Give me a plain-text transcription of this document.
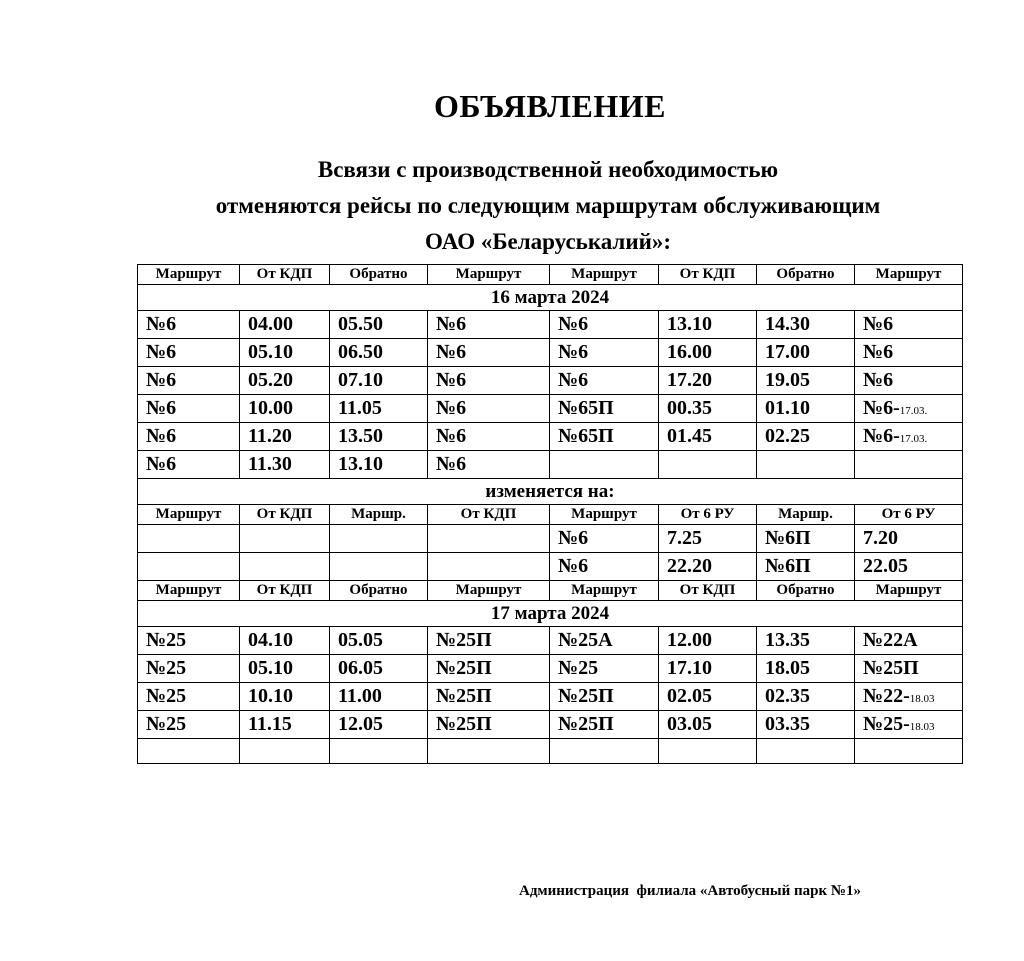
ОБЪЯВЛЕНИЕ
Всвязи с производственной необходимостью
отменяются рейсы по следующим маршрутам обслуживающим
ОАО «Беларуськалий»:
Маршрут	От КДП	Обратно	Маршрут	Маршрут	От КДП	Обратно	Маршрут
16 марта 2024							
№6	04.00	05.50	№6	№6	13.10	14.30	№6
№6	05.10	06.50	№6	№6	16.00	17.00	№6
№6	05.20	07.10	№6	№6	17.20	19.05	№6
№6	10.00	11.05	№6	№65П	00.35	01.10	№6-17.03.
№6	11.20	13.50	№6	№65П	01.45	02.25	№6-17.03.
№6	11.30	13.10	№6				
изменяется на:							
Маршрут	От КДП	Маршр.	От КДП	Маршрут	От 6 РУ	Маршр.	От 6 РУ
				№6	7.25	№6П	7.20
				№6	22.20	№6П	22.05
Маршрут	От КДП	Обратно	Маршрут	Маршрут	От КДП	Обратно	Маршрут
17 марта 2024							
№25	04.10	05.05	№25П	№25А	12.00	13.35	№22А
№25	05.10	06.05	№25П	№25	17.10	18.05	№25П
№25	10.10	11.00	№25П	№25П	02.05	02.35	№22-18.03
№25	11.15	12.05	№25П	№25П	03.05	03.35	№25-18.03

Администрация  филиала «Автобусный парк №1»
